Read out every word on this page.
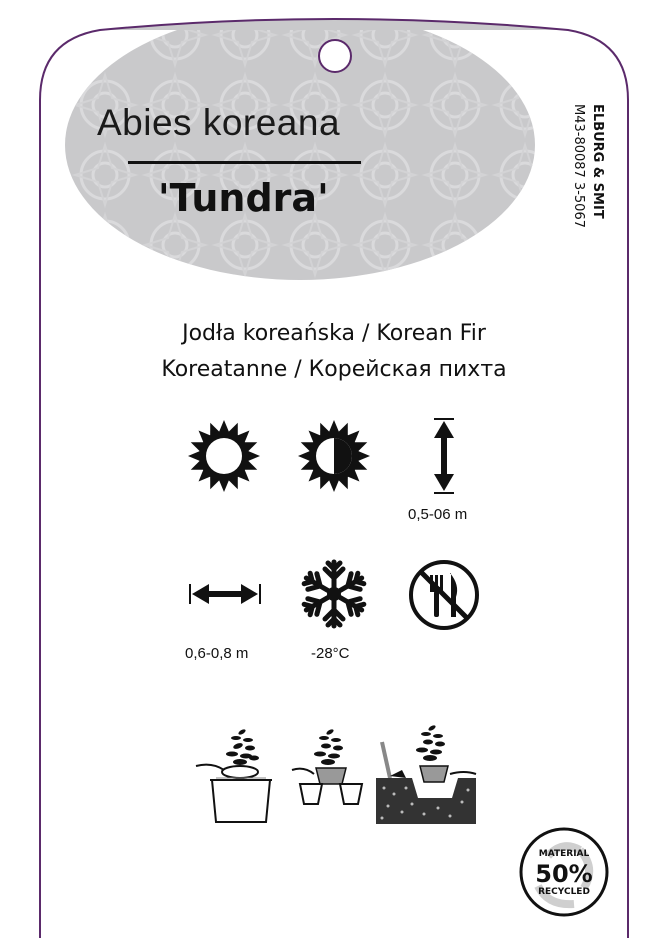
Abies koreana
'Tundra'	ELBURG & SMIT
M43-80087 3-5067
Jodła koreańska / Korean Fir
Koreatanne / Корейская пихта
0,5-06 m
0,6-0,8 m	-28°C
MATERIAL
50%
RECYCLED
